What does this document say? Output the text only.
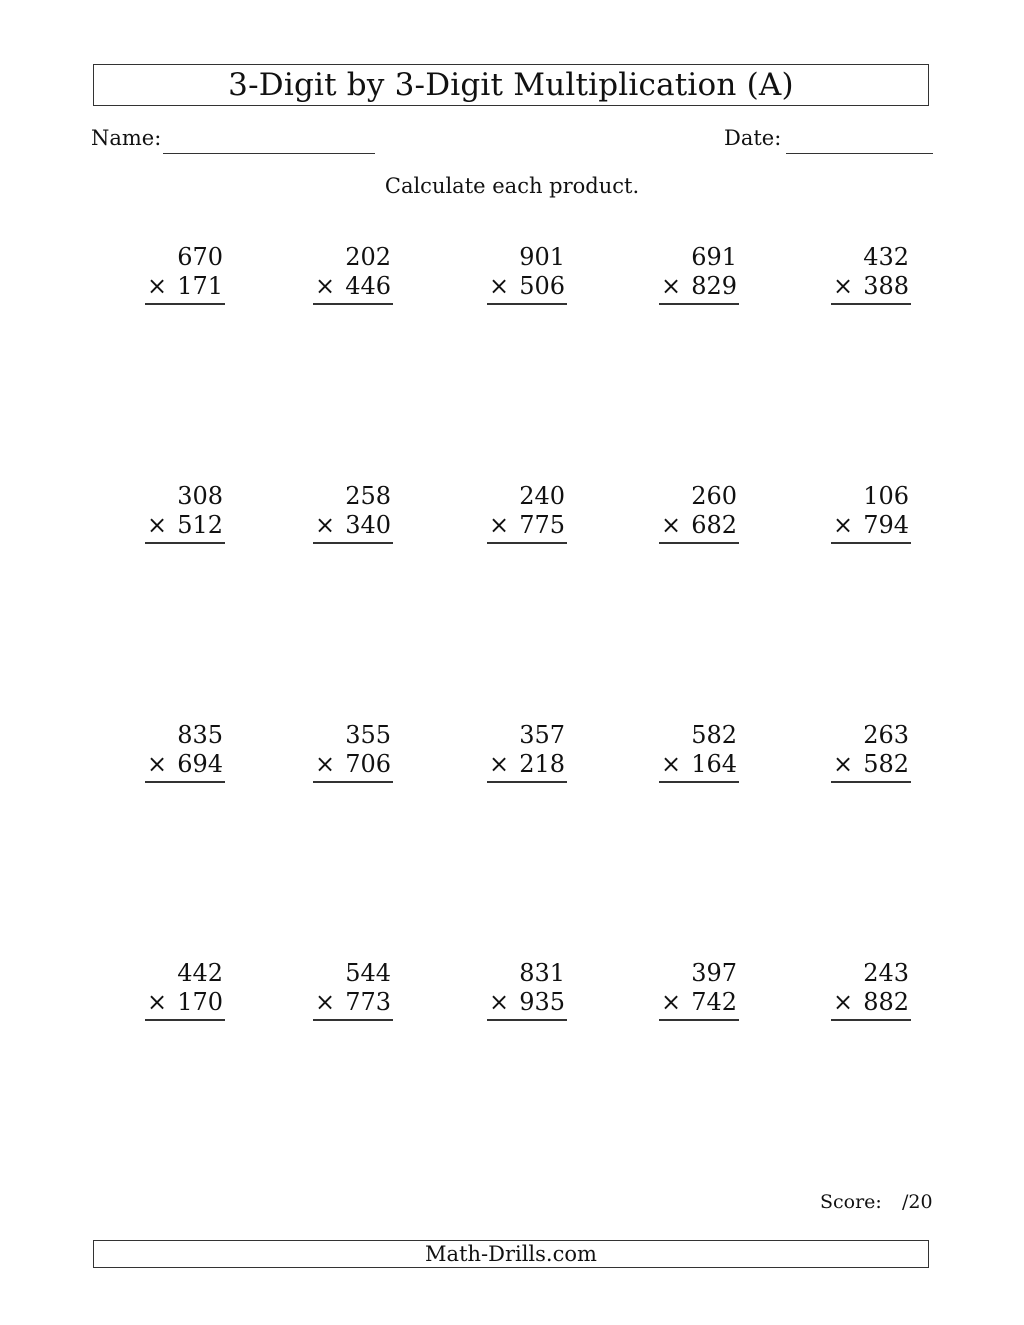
3-Digit by 3-Digit Multiplication (A)
Name:	Date:
Calculate each product.
670
× 171
202
× 446
901
× 506
691
× 829
432
× 388
308
× 512
258
× 340
240
× 775
260
× 682
106
× 794
835
× 694
355
× 706
357
× 218
582
× 164
263
× 582
442
× 170
544
× 773
831
× 935
397
× 742
243
× 882
Score: /20
Math-Drills.com
